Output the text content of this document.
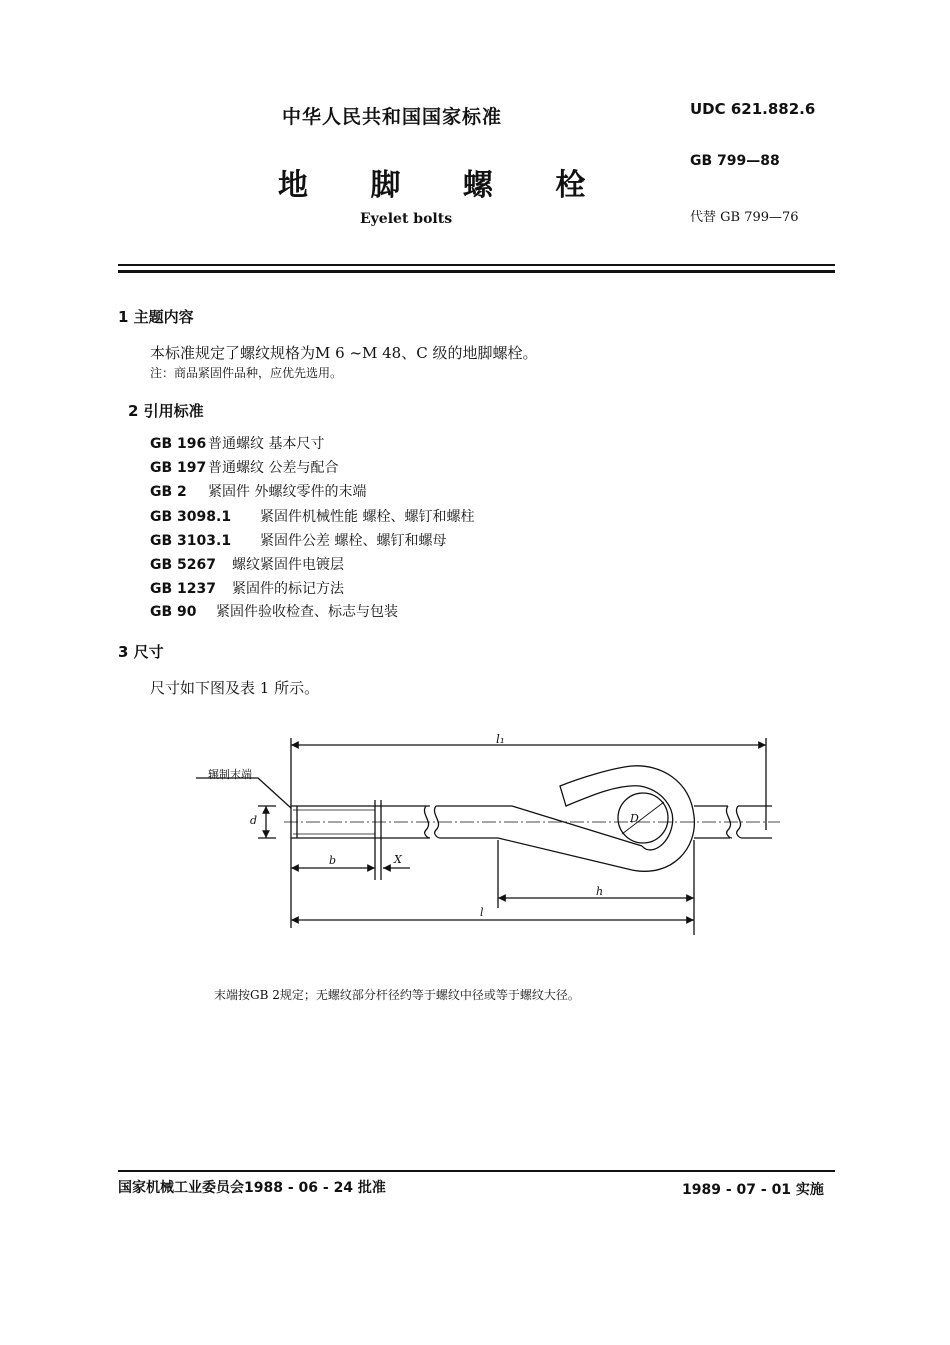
中华人民共和国国家标准	UDC 621.882.6
GB 799—88
地 脚 螺 栓
Eyelet bolts	代替 GB 799—76
1 主题内容
本标准规定了螺纹规格为M 6 ~M 48、C 级的地脚螺栓。
注：商品紧固件品种，应优先选用。
2 引用标准
GB 196 普通螺纹 基本尺寸
GB 197 普通螺纹 公差与配合
GB 2 紧固件 外螺纹零件的末端
GB 3098.1 紧固件机械性能 螺栓、螺钉和螺柱
GB 3103.1 紧固件公差 螺栓、螺钉和螺母
GB 5267 螺纹紧固件电镀层
GB 1237 紧固件的标记方法
GB 90 紧固件验收检查、标志与包装
3 尺寸
尺寸如下图及表 1 所示。
辗制末端
l₁
d
b	X
D
h
l
末端按GB 2规定；无螺纹部分杆径约等于螺纹中径或等于螺纹大径。
国家机械工业委员会1988 - 06 - 24 批准	1989 - 07 - 01 实施
